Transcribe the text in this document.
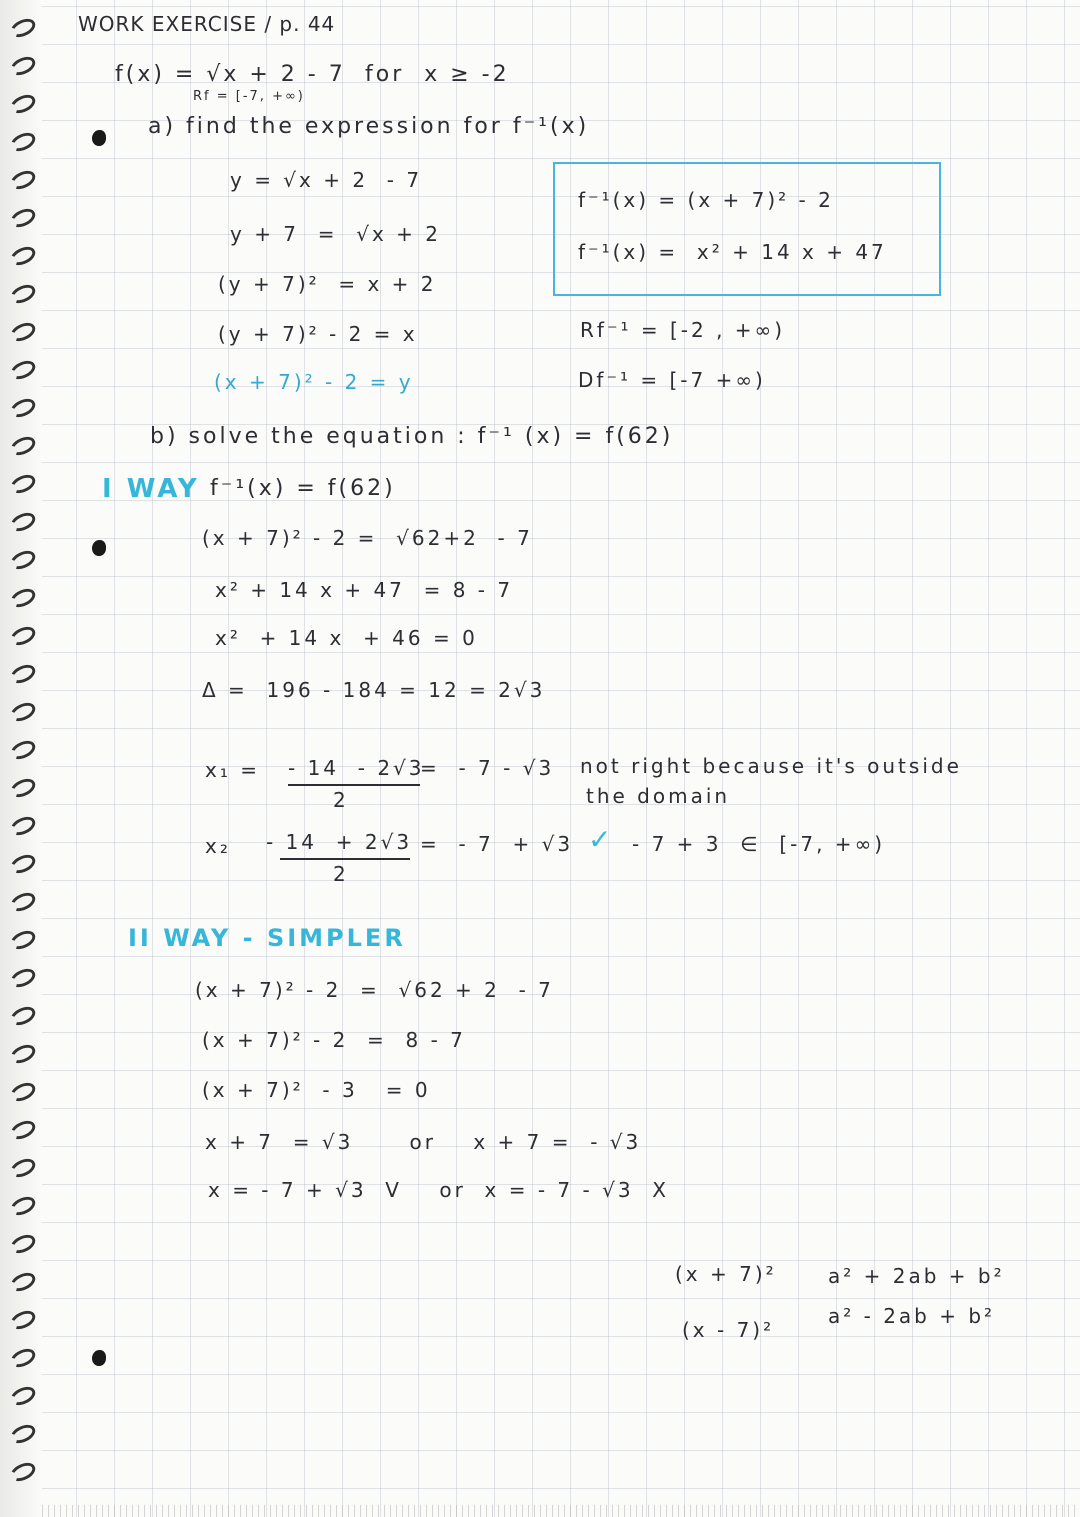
WORK EXERCISE / p. 44
f(x) = √x + 2 - 7 for  x ≥ -2
Rf = [-7, +∞)
a) find the expression for f⁻¹(x)
y = √x + 2  - 7
y + 7  =  √x + 2
(y + 7)²  = x + 2
(y + 7)² - 2 = x
(x + 7)² - 2 = y
f⁻¹(x) = (x + 7)² - 2
f⁻¹(x) =  x² + 14 x + 47
Rf⁻¹ = [-2 , +∞)
Df⁻¹ = [-7 +∞)
b) solve the equation : f⁻¹ (x) = f(62)
I WAY f⁻¹(x) = f(62)
(x + 7)² - 2 =  √62+2  - 7
x² + 14 x + 47  = 8 - 7
x²  + 14 x  + 46 = 0
Δ =  196 - 184 = 12 = 2√3
x₁ = - 14  - 2√3
2
=  - 7 - √3 not right because it's outside
the domain
x₂ - 14  + 2√3
2
=  - 7  + √3 ✓ - 7 + 3  ∈  [-7, +∞)
II WAY - SIMPLER
(x + 7)² - 2  =  √62 + 2  - 7
(x + 7)² - 2  =  8 - 7
(x + 7)²  - 3   = 0
x + 7  = √3      or    x + 7 =  - √3
x = - 7 + √3  V    or  x = - 7 - √3  X
(x + 7)²	a² + 2ab + b²
(x - 7)²
a² - 2ab + b²
